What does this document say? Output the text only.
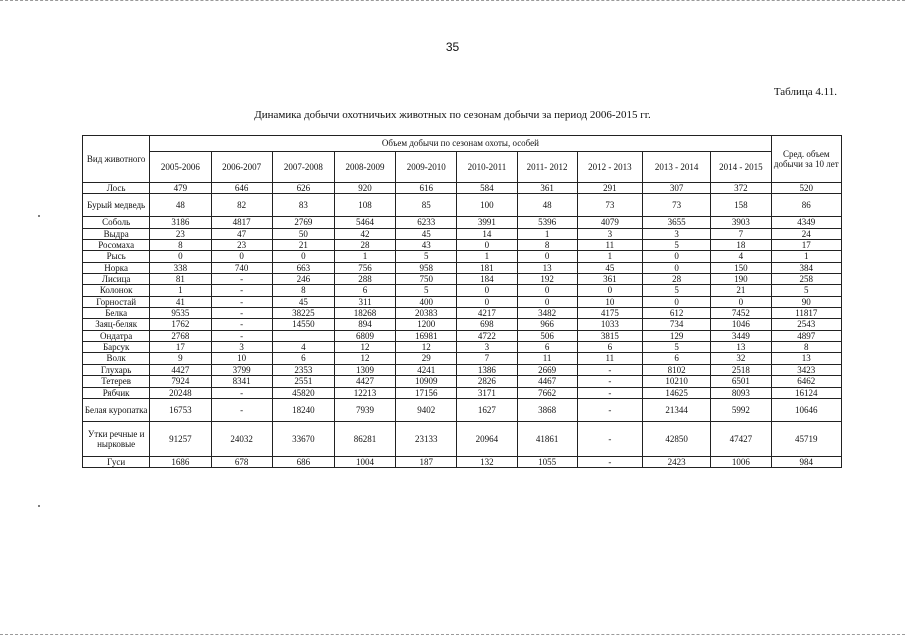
35
Таблица 4.11.
Динамика добычи охотничьих животных по сезонам добычи за период 2006-2015 гг.
Вид животного	Объем добычи по сезонам охоты, особей										Сред. объем добычи за 10 лет
	2005-2006	2006-2007	2007-2008	2008-2009	2009-2010	2010-2011	2011- 2012	2012 - 2013	2013 - 2014	2014 - 2015	
Лось	479	646	626	920	616	584	361	291	307	372	520
Бурый медведь	48	82	83	108	85	100	48	73	73	158	86
Соболь	3186	4817	2769	5464	6233	3991	5396	4079	3655	3903	4349
Выдра	23	47	50	42	45	14	1	3	3	7	24
Росомаха	8	23	21	28	43	0	8	11	5	18	17
Рысь	0	0	0	1	5	1	0	1	0	4	1
Норка	338	740	663	756	958	181	13	45	0	150	384
Лисица	81	-	246	288	750	184	192	361	28	190	258
Колонок	1	-	8	6	5	0	0	0	5	21	5
Горностай	41	-	45	311	400	0	0	10	0	0	90
Белка	9535	-	38225	18268	20383	4217	3482	4175	612	7452	11817
Заяц-беляк	1762	-	14550	894	1200	698	966	1033	734	1046	2543
Ондатра	2768	-		6809	16981	4722	506	3815	129	3449	4897
Барсук	17	3	4	12	12	3	6	6	5	13	8
Волк	9	10	6	12	29	7	11	11	6	32	13
Глухарь	4427	3799	2353	1309	4241	1386	2669	-	8102	2518	3423
Тетерев	7924	8341	2551	4427	10909	2826	4467	-	10210	6501	6462
Рябчик	20248	-	45820	12213	17156	3171	7662	-	14625	8093	16124
Белая куропатка	16753	-	18240	7939	9402	1627	3868	-	21344	5992	10646
Утки речные и нырковые	91257	24032	33670	86281	23133	20964	41861	-	42850	47427	45719
Гуси	1686	678	686	1004	187	132	1055	-	2423	1006	984
